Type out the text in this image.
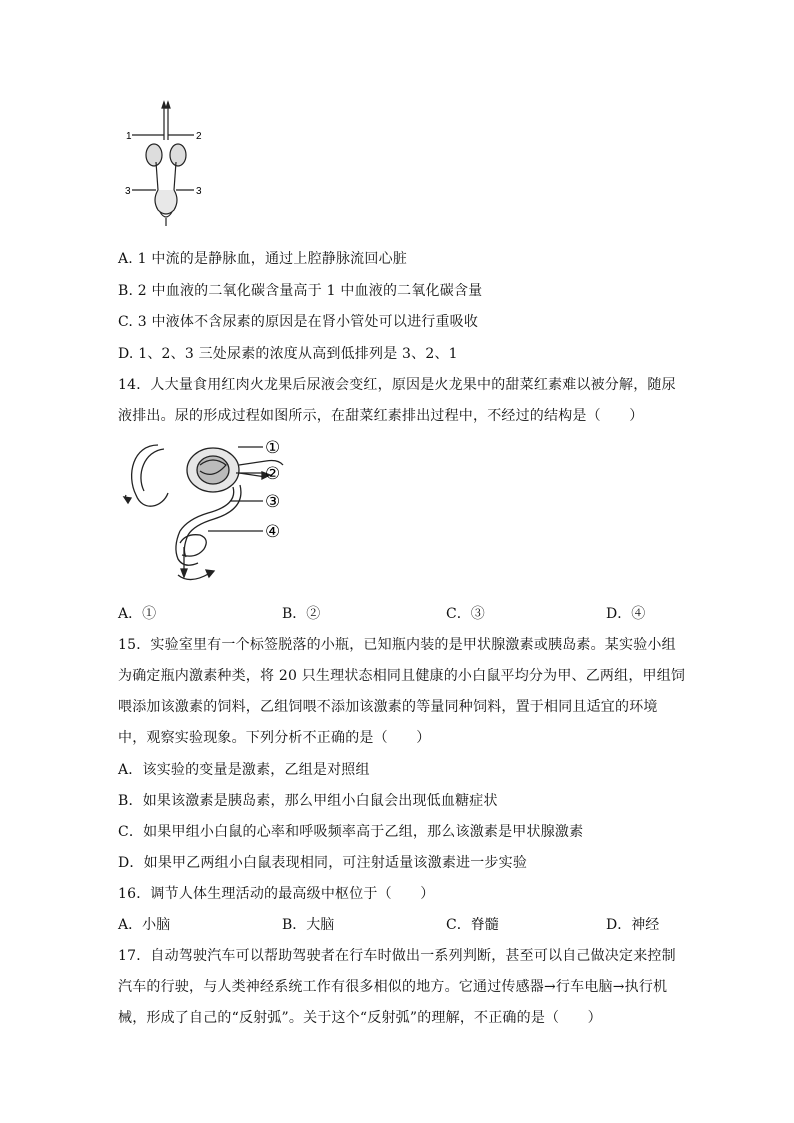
1	2
3	3
A. 1 中流的是静脉血，通过上腔静脉流回心脏
B. 2 中血液的二氧化碳含量高于 1 中血液的二氧化碳含量
C. 3 中液体不含尿素的原因是在肾小管处可以进行重吸收
D. 1、2、3 三处尿素的浓度从高到低排列是 3、2、1
14．人大量食用红肉火龙果后尿液会变红，原因是火龙果中的甜菜红素难以被分解，随尿
液排出。尿的形成过程如图所示，在甜菜红素排出过程中，不经过的结构是（　　）
①
②
③
④
A．①	B．②	C．③	D．④
15．实验室里有一个标签脱落的小瓶，已知瓶内装的是甲状腺激素或胰岛素。某实验小组
为确定瓶内激素种类，将 20 只生理状态相同且健康的小白鼠平均分为甲、乙两组，甲组饲
喂添加该激素的饲料，乙组饲喂不添加该激素的等量同种饲料，置于相同且适宜的环境
中，观察实验现象。下列分析不正确的是（　　）
A．该实验的变量是激素，乙组是对照组
B．如果该激素是胰岛素，那么甲组小白鼠会出现低血糖症状
C．如果甲组小白鼠的心率和呼吸频率高于乙组，那么该激素是甲状腺激素
D．如果甲乙两组小白鼠表现相同，可注射适量该激素进一步实验
16．调节人体生理活动的最高级中枢位于（　　）
A．小脑	B．大脑	C．脊髓	D．神经
17．自动驾驶汽车可以帮助驾驶者在行车时做出一系列判断，甚至可以自己做决定来控制
汽车的行驶，与人类神经系统工作有很多相似的地方。它通过传感器→行车电脑→执行机
械，形成了自己的“反射弧”。关于这个“反射弧”的理解，不正确的是（　　）
